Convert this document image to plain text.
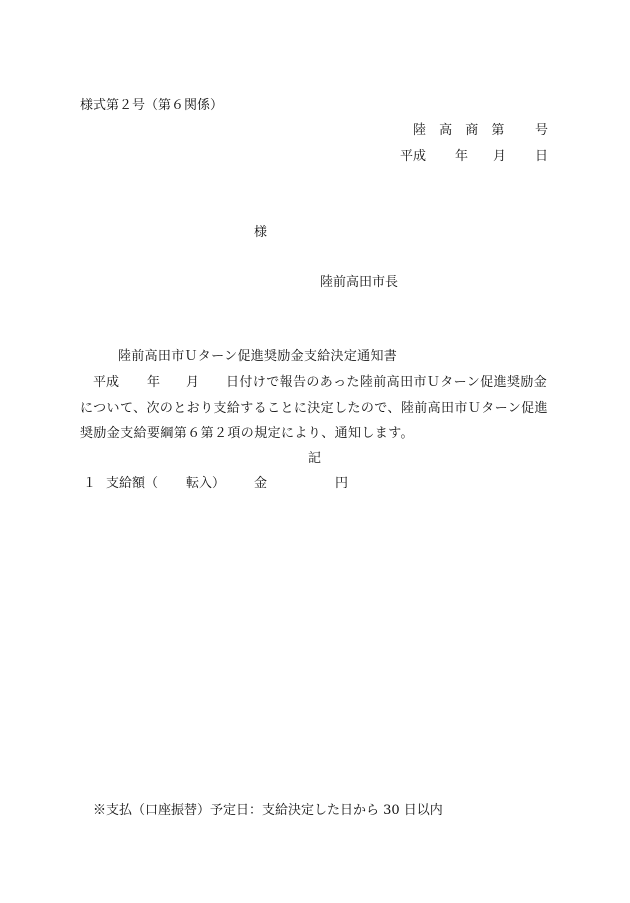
様式第２号（第６関係）
陸 高 商 第 号
平成 年 月 日
様
陸前高田市長
陸前高田市Ｕターン促進奨励金支給決定通知書
平成 年 月 日付けで報告のあった陸前高田市Ｕターン促進奨励金
について、次のとおり支給することに決定したので、陸前高田市Ｕターン促進
奨励金支給要綱第６第２項の規定により、通知します。
記
１ 支給額（ 転入） 金	円
※支払（口座振替）予定日：支給決定した日から 30 日以内
